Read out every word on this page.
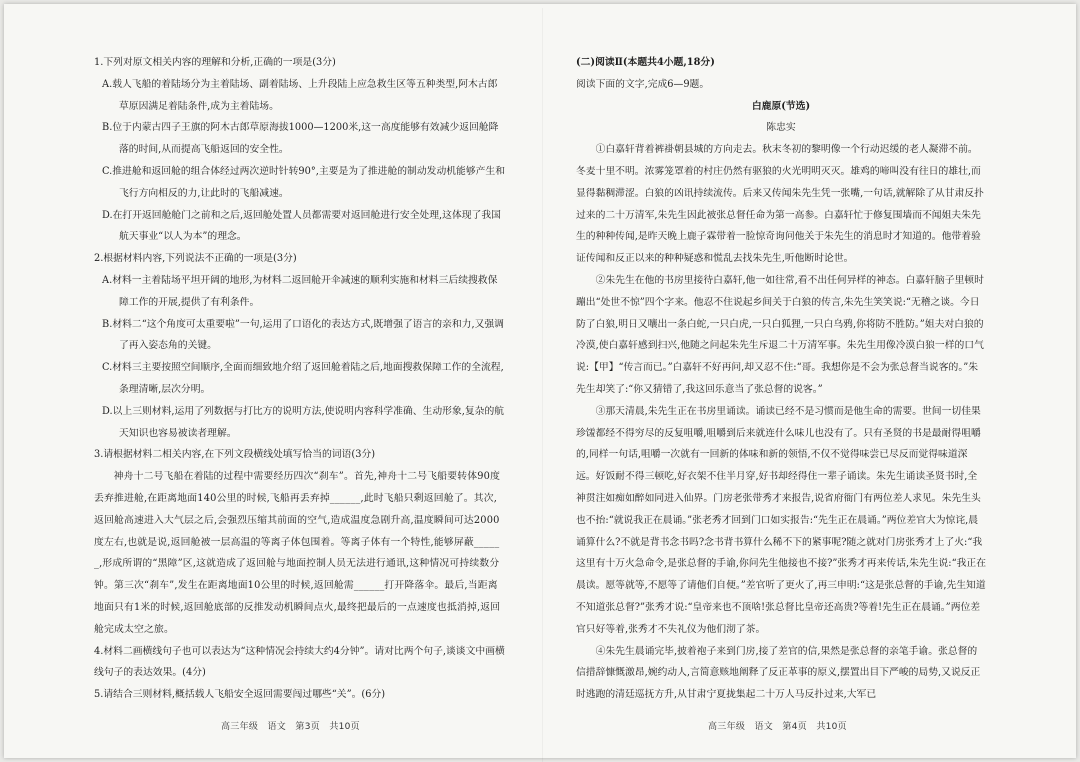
1.下列对原文相关内容的理解和分析,正确的一项是(3分)

A.载人飞船的着陆场分为主着陆场、副着陆场、上升段陆上应急救生区等五种类型,阿木古郎草原因满足着陆条件,成为主着陆场。

B.位于内蒙古四子王旗的阿木古郎草原海拔1000—1200米,这一高度能够有效减少返回舱降落的时间,从而提高飞船返回的安全性。

C.推进舱和返回舱的组合体经过两次逆时针转90°,主要是为了推进舱的制动发动机能够产生和飞行方向相反的力,让此时的飞船减速。

D.在打开返回舱舱门之前和之后,返回舱处置人员都需要对返回舱进行安全处理,这体现了我国航天事业“以人为本”的理念。

2.根据材料内容,下列说法不正确的一项是(3分)

A.材料一主着陆场平坦开阔的地形,为材料二返回舱开伞减速的顺利实施和材料三后续搜救保障工作的开展,提供了有利条件。

B.材料二“这个角度可太重要啦”一句,运用了口语化的表达方式,既增强了语言的亲和力,又强调了再入姿态角的关键。

C.材料三主要按照空间顺序,全面而细致地介绍了返回舱着陆之后,地面搜救保障工作的全流程,条理清晰,层次分明。

D.以上三则材料,运用了列数据与打比方的说明方法,使说明内容科学准确、生动形象,复杂的航天知识也容易被读者理解。

3.请根据材料二相关内容,在下列文段横线处填写恰当的词语(3分)

神舟十二号飞船在着陆的过程中需要经历四次“刹车”。首先,神舟十二号飞船要转体90度丢弃推进舱,在距离地面140公里的时候,飞船再丢弃掉______,此时飞船只剩返回舱了。其次,返回舱高速进入大气层之后,会强烈压缩其前面的空气,造成温度急剧升高,温度瞬间可达2000度左右,也就是说,返回舱被一层高温的等离子体包围着。等离子体有一个特性,能够屏蔽______,形成所谓的“黑障”区,这就造成了返回舱与地面控制人员无法进行通讯,这种情况可持续数分钟。第三次“刹车”,发生在距离地面10公里的时候,返回舱需______打开降落伞。最后,当距离地面只有1米的时候,返回舱底部的反推发动机瞬间点火,最终把最后的一点速度也抵消掉,返回舱完成太空之旅。

4.材料二画横线句子也可以表达为“这种情况会持续大约4分钟”。请对比两个句子,谈谈文中画横线句子的表达效果。(4分)

5.请结合三则材料,概括载人飞船安全返回需要闯过哪些“关”。(6分)

(二)阅读Ⅱ(本题共4小题,18分)

阅读下面的文字,完成6—9题。

白鹿原(节选)

陈忠实

①白嘉轩背着裤褂朝县城的方向走去。秋末冬初的黎明像一个行动迟缓的老人凝滞不前。冬麦十里不明。浓雾笼罩着的村庄仍然有驱狼的火光明明灭灭。雄鸡的啼叫没有往日的雄壮,而显得黏稠滞涩。白狼的凶讯持续流传。后来又传闻朱先生凭一张嘴,一句话,就解除了从甘肃反扑过来的二十万清军,朱先生因此被张总督任命为第一高参。白嘉轩忙于修复围墙而不闻姐夫朱先生的种种传闻,是昨天晚上鹿子霖带着一脸惊奇询问他关于朱先生的消息时才知道的。他带着验证传闻和反正以来的种种疑惑和慌乱去找朱先生,听他断时论世。

②朱先生在他的书房里接待白嘉轩,他一如往常,看不出任何异样的神态。白嘉轩脑子里顿时蹦出“处世不惊”四个字来。他忍不住说起乡间关于白狼的传言,朱先生笑笑说:“无稽之谈。今日防了白狼,明日又嚷出一条白蛇,一只白虎,一只白狐狸,一只白乌鸦,你将防不胜防。”姐夫对白狼的冷漠,使白嘉轩感到扫兴,他随之问起朱先生斥退二十万清军事。朱先生用像冷漠白狼一样的口气说:【甲】“传言而已。”白嘉轩不好再问,却又忍不住:“哥。我想你是不会为张总督当说客的。”朱先生却笑了:“你又猜错了,我这回乐意当了张总督的说客。”

③那天清晨,朱先生正在书房里诵读。诵读已经不是习惯而是他生命的需要。世间一切佳果珍馐都经不得穷尽的反复咀嚼,咀嚼到后来就连什么味儿也没有了。只有圣贤的书是最耐得咀嚼的,同样一句话,咀嚼一次就有一回新的体味和新的领悟,不仅不觉得味尝已尽反而觉得味道深远。好饭耐不得三顿吃,好衣架不住半月穿,好书却经得住一辈子诵读。朱先生诵读圣贤书时,全神贯注如痴如醉如同进入仙界。门房老张带秀才来报告,说省府衙门有两位差人求见。朱先生头也不抬:“就说我正在晨诵。”张老秀才回到门口如实报告:“先生正在晨诵。”两位差官大为惊诧,晨诵算什么?不就是背书念书吗?念书背书算什么稀不下的紧事呢?随之就对门房张秀才上了火:“我这里有十万火急命令,是张总督的手谕,你问先生他接也不接?”张秀才再来传话,朱先生说:“我正在晨读。愿等就等,不愿等了请他们自便。”差官听了更火了,再三申明:“这是张总督的手谕,先生知道不知道张总督?”张秀才说:“皇帝来也不顶啥!张总督比皇帝还高贵?等着!先生正在晨诵。”两位差官只好等着,张秀才不失礼仪为他们沏了茶。

④朱先生晨诵完毕,披着袍子来到门房,接了差官的信,果然是张总督的亲笔手谕。张总督的信措辞慷慨激昂,婉约动人,言简意赅地阐释了反正革事的原义,摆置出目下严峻的局势,又说反正时逃跑的清廷巡抚方升,从甘肃宁夏拢集起二十万人马反扑过来,大军已

高三年级　语文　第3页　共10页	高三年级　语文　第4页　共10页
